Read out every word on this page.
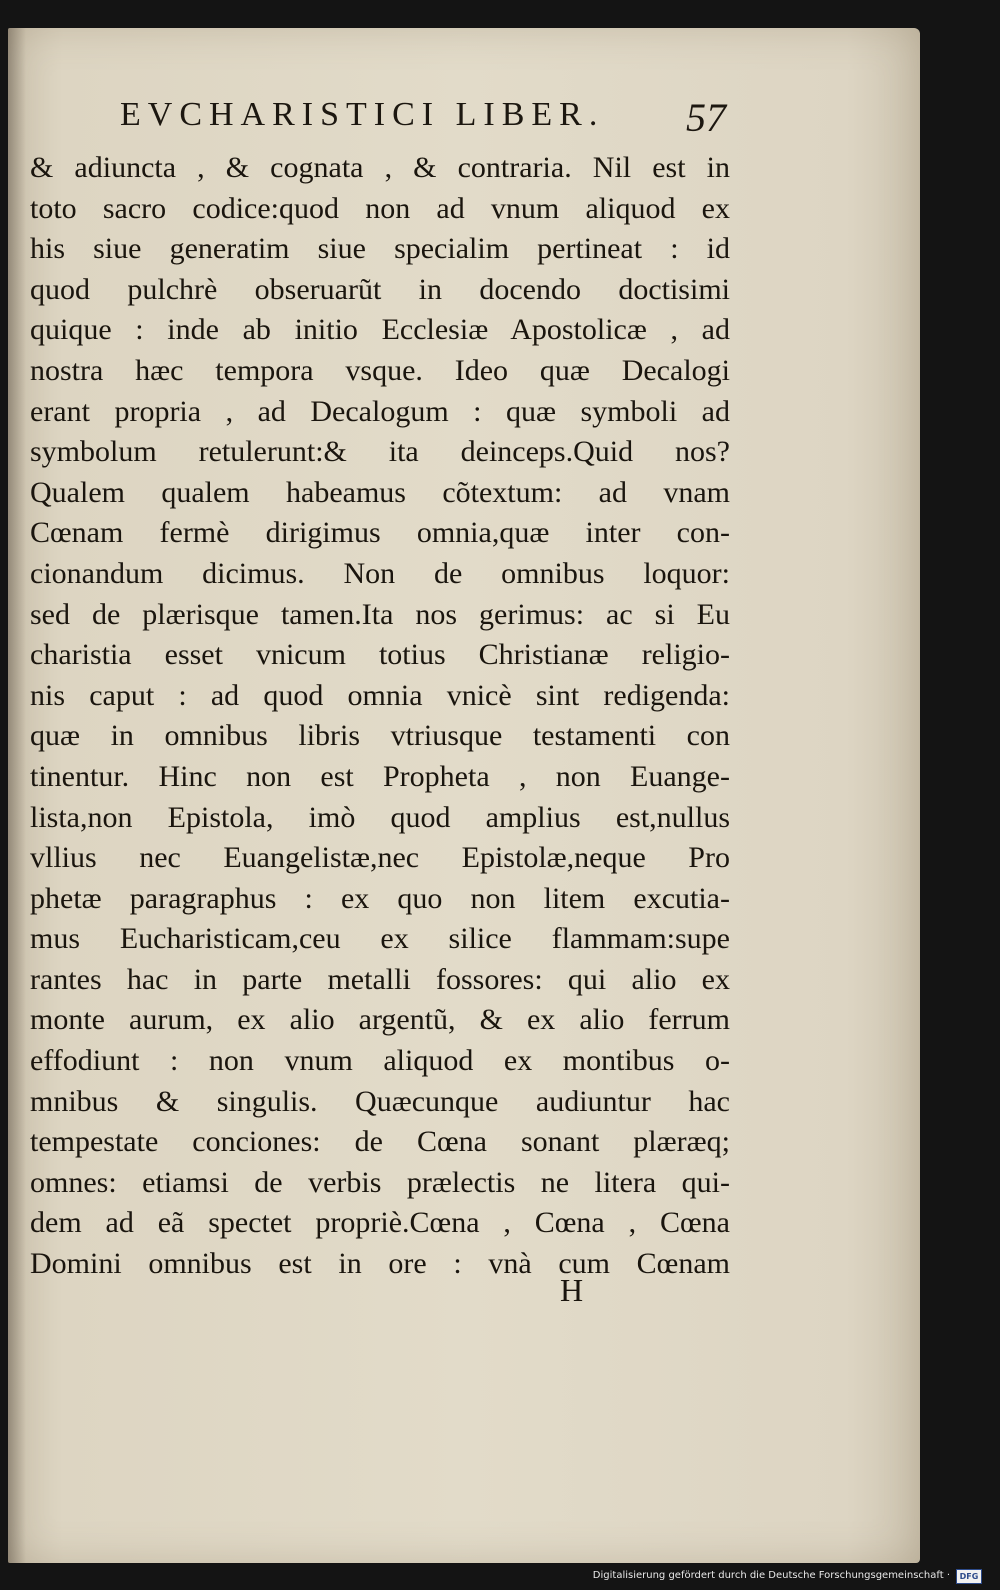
EVCHARISTICI LIBER.	57
& adiuncta , & cognata , & contraria. Nil est in
toto sacro codice:quod non ad vnum aliquod ex
his siue generatim siue specialim pertineat : id
quod pulchrè obseruarũt in docendo doctisimi
quique : inde ab initio Ecclesiæ Apostolicæ , ad
nostra hæc tempora vsque. Ideo quæ Decalogi
erant propria , ad Decalogum : quæ symboli ad
symbolum retulerunt:& ita deinceps.Quid nos?
Qualem qualem habeamus cõtextum: ad vnam
Cœnam fermè dirigimus omnia,quæ inter con-
cionandum dicimus. Non de omnibus loquor:
sed de plærisque tamen.Ita nos gerimus: ac si Eu
charistia esset vnicum totius Christianæ religio-
nis caput : ad quod omnia vnicè sint redigenda:
quæ in omnibus libris vtriusque testamenti con
tinentur. Hinc non est Propheta , non Euange-
lista,non Epistola, imò quod amplius est,nullus
vllius nec Euangelistæ,nec Epistolæ,neque Pro
phetæ paragraphus : ex quo non litem excutia-
mus Eucharisticam,ceu ex silice flammam:supe
rantes hac in parte metalli fossores: qui alio ex
monte aurum, ex alio argentũ, & ex alio ferrum
effodiunt : non vnum aliquod ex montibus o-
mnibus & singulis. Quæcunque audiuntur hac
tempestate conciones: de Cœna sonant plæræq;
omnes: etiamsi de verbis prælectis ne litera qui-
dem ad eã spectet propriè.Cœna , Cœna , Cœna
Domini omnibus est in ore : vnà cum Cœnam
H
Digitalisierung gefördert durch die Deutsche Forschungsgemeinschaft ·	DFG
